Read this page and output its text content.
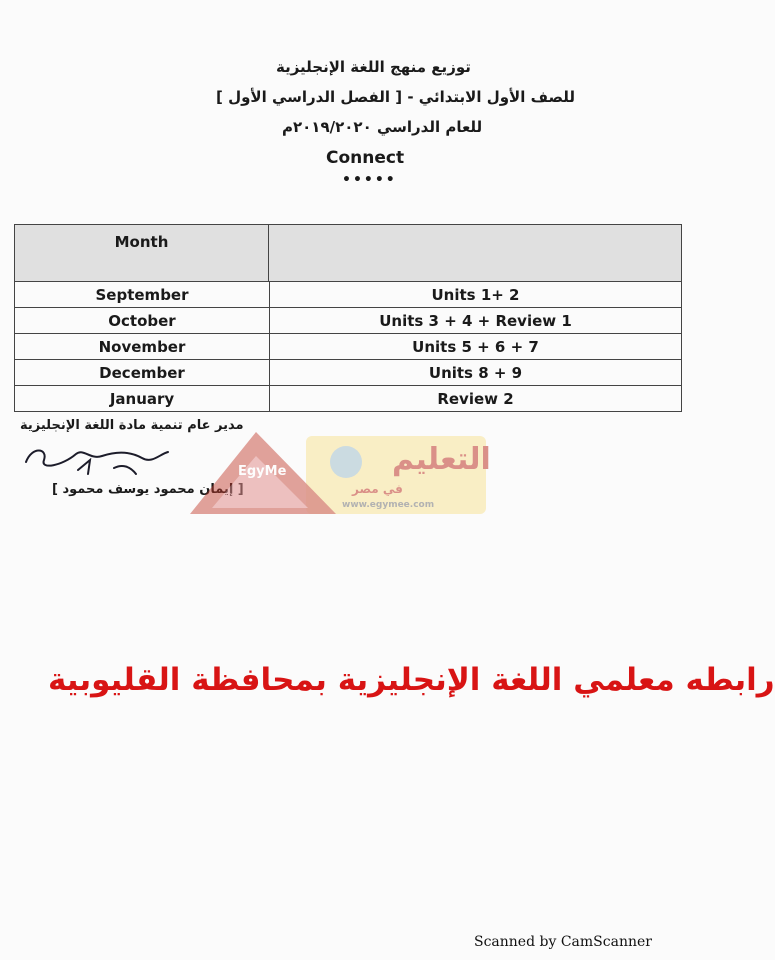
توزيع منهج اللغة الإنجليزية
للصف الأول الابتدائي - [ الفصل الدراسي الأول ]
للعام الدراسي ٢٠١٩/٢٠٢٠م
Connect
•••••
Month
September	Units 1+ 2
October	Units 3 + 4 + Review 1
November	Units 5 + 6 + 7
December	Units 8 + 9
January	Review 2
مدير عام تنمية مادة اللغة الإنجليزية
[ إيمان محمود يوسف محمود ]
EgyMe	التعليم
في مصر
www.egymee.com
رابطه معلمي اللغة الإنجليزية بمحافظة القليوبية
Scanned by CamScanner
